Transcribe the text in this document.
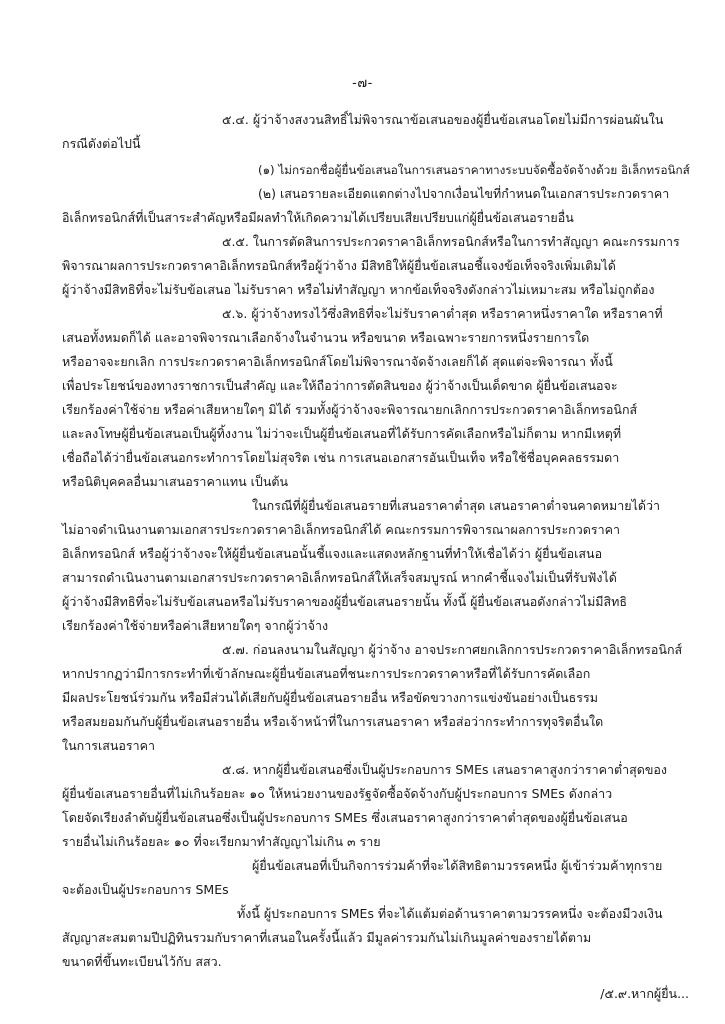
-๗-
๕.๔. ผู้ว่าจ้างสงวนสิทธิ์ไม่พิจารณาข้อเสนอของผู้ยื่นข้อเสนอโดยไม่มีการผ่อนผันใน
กรณีดังต่อไปนี้
(๑) ไม่กรอกชื่อผู้ยื่นข้อเสนอในการเสนอราคาทางระบบจัดซื้อจัดจ้างด้วย อิเล็กทรอนิกส์
(๒) เสนอรายละเอียดแตกต่างไปจากเงื่อนไขที่กำหนดในเอกสารประกวดราคา
อิเล็กทรอนิกส์ที่เป็นสาระสำคัญหรือมีผลทำให้เกิดความได้เปรียบเสียเปรียบแก่ผู้ยื่นข้อเสนอรายอื่น
๕.๕. ในการตัดสินการประกวดราคาอิเล็กทรอนิกส์หรือในการทำสัญญา คณะกรรมการ
พิจารณาผลการประกวดราคาอิเล็กทรอนิกส์หรือผู้ว่าจ้าง มีสิทธิให้ผู้ยื่นข้อเสนอชี้แจงข้อเท็จจริงเพิ่มเติมได้
ผู้ว่าจ้างมีสิทธิที่จะไม่รับข้อเสนอ ไม่รับราคา หรือไม่ทำสัญญา หากข้อเท็จจริงดังกล่าวไม่เหมาะสม หรือไม่ถูกต้อง
๕.๖. ผู้ว่าจ้างทรงไว้ซึ่งสิทธิที่จะไม่รับราคาต่ำสุด หรือราคาหนึ่งราคาใด หรือราคาที่
เสนอทั้งหมดก็ได้ และอาจพิจารณาเลือกจ้างในจำนวน หรือขนาด หรือเฉพาะรายการหนึ่งรายการใด
หรืออาจจะยกเลิก การประกวดราคาอิเล็กทรอนิกส์โดยไม่พิจารณาจัดจ้างเลยก็ได้ สุดแต่จะพิจารณา ทั้งนี้
เพื่อประโยชน์ของทางราชการเป็นสำคัญ และให้ถือว่าการตัดสินของ ผู้ว่าจ้างเป็นเด็ดขาด ผู้ยื่นข้อเสนอจะ
เรียกร้องค่าใช้จ่าย หรือค่าเสียหายใดๆ มิได้ รวมทั้งผู้ว่าจ้างจะพิจารณายกเลิกการประกวดราคาอิเล็กทรอนิกส์
และลงโทษผู้ยื่นข้อเสนอเป็นผู้ทิ้งงาน ไม่ว่าจะเป็นผู้ยื่นข้อเสนอที่ได้รับการคัดเลือกหรือไม่ก็ตาม หากมีเหตุที่
เชื่อถือได้ว่ายื่นข้อเสนอกระทำการโดยไม่สุจริต เช่น การเสนอเอกสารอันเป็นเท็จ หรือใช้ชื่อบุคคลธรรมดา
หรือนิติบุคคลอื่นมาเสนอราคาแทน เป็นต้น
ในกรณีที่ผู้ยื่นข้อเสนอรายที่เสนอราคาต่ำสุด เสนอราคาต่ำจนคาดหมายได้ว่า
ไม่อาจดำเนินงานตามเอกสารประกวดราคาอิเล็กทรอนิกส์ได้ คณะกรรมการพิจารณาผลการประกวดราคา
อิเล็กทรอนิกส์ หรือผู้ว่าจ้างจะให้ผู้ยื่นข้อเสนอนั้นชี้แจงและแสดงหลักฐานที่ทำให้เชื่อได้ว่า ผู้ยื่นข้อเสนอ
สามารถดำเนินงานตามเอกสารประกวดราคาอิเล็กทรอนิกส์ให้เสร็จสมบูรณ์ หากคำชี้แจงไม่เป็นที่รับฟังได้
ผู้ว่าจ้างมีสิทธิที่จะไม่รับข้อเสนอหรือไม่รับราคาของผู้ยื่นข้อเสนอรายนั้น ทั้งนี้ ผู้ยื่นข้อเสนอดังกล่าวไม่มีสิทธิ
เรียกร้องค่าใช้จ่ายหรือค่าเสียหายใดๆ จากผู้ว่าจ้าง
๕.๗. ก่อนลงนามในสัญญา ผู้ว่าจ้าง อาจประกาศยกเลิกการประกวดราคาอิเล็กทรอนิกส์
หากปรากฏว่ามีการกระทำที่เข้าลักษณะผู้ยื่นข้อเสนอที่ชนะการประกวดราคาหรือที่ได้รับการคัดเลือก
มีผลประโยชน์ร่วมกัน หรือมีส่วนได้เสียกับผู้ยื่นข้อเสนอรายอื่น หรือขัดขวางการแข่งขันอย่างเป็นธรรม
หรือสมยอมกันกับผู้ยื่นข้อเสนอรายอื่น หรือเจ้าหน้าที่ในการเสนอราคา หรือส่อว่ากระทำการทุจริตอื่นใด
ในการเสนอราคา
๕.๘. หากผู้ยื่นข้อเสนอซึ่งเป็นผู้ประกอบการ SMEs เสนอราคาสูงกว่าราคาต่ำสุดของ
ผู้ยื่นข้อเสนอรายอื่นที่ไม่เกินร้อยละ ๑๐ ให้หน่วยงานของรัฐจัดซื้อจัดจ้างกับผู้ประกอบการ SMEs ดังกล่าว
โดยจัดเรียงลำดับผู้ยื่นข้อเสนอซึ่งเป็นผู้ประกอบการ SMEs ซึ่งเสนอราคาสูงกว่าราคาต่ำสุดของผู้ยื่นข้อเสนอ
รายอื่นไม่เกินร้อยละ ๑๐ ที่จะเรียกมาทำสัญญาไม่เกิน ๓ ราย
ผู้ยื่นข้อเสนอที่เป็นกิจการร่วมค้าที่จะได้สิทธิตามวรรคหนึ่ง ผู้เข้าร่วมค้าทุกราย
จะต้องเป็นผู้ประกอบการ SMEs
ทั้งนี้ ผู้ประกอบการ SMEs ที่จะได้แต้มต่อด้านราคาตามวรรคหนึ่ง จะต้องมีวงเงิน
สัญญาสะสมตามปีปฏิทินรวมกับราคาที่เสนอในครั้งนี้แล้ว มีมูลค่ารวมกันไม่เกินมูลค่าของรายได้ตาม
ขนาดที่ขึ้นทะเบียนไว้กับ สสว.
/๕.๙.หากผู้ยื่น...
